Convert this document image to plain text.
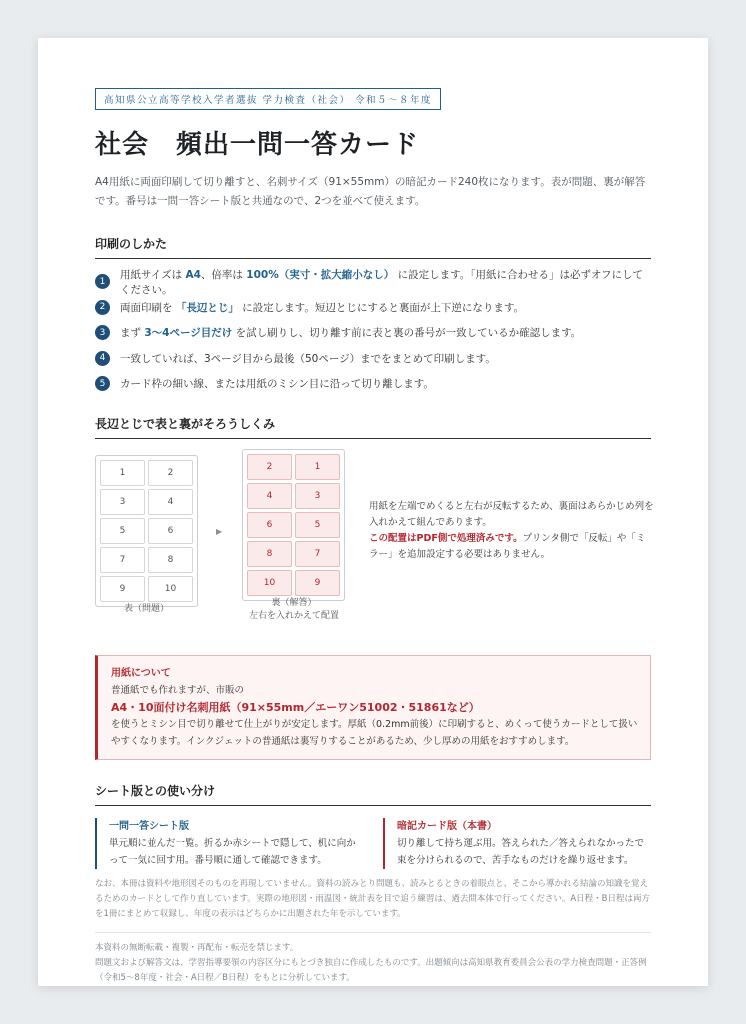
高知県公立高等学校入学者選抜 学力検査（社会） 令和５～８年度
社会　頻出一問一答カード
A4用紙に両面印刷して切り離すと、名刺サイズ（91×55mm）の暗記カード240枚になります。表が問題、裏が解答です。番号は一問一答シート版と共通なので、2つを並べて使えます。
印刷のしかた
1
用紙サイズは A4、倍率は 100%（実寸・拡大縮小なし） に設定します。「用紙に合わせる」は必ずオフにしてください。
2	両面印刷を 「長辺とじ」 に設定します。短辺とじにすると裏面が上下逆になります。
3	まず 3〜4ページ目だけ を試し刷りし、切り離す前に表と裏の番号が一致しているか確認します。
4	一致していれば、3ページ目から最後（50ページ）までをまとめて印刷します。
5	カード枠の細い線、または用紙のミシン目に沿って切り離します。
長辺とじで表と裏がそろうしくみ
1	2
3	4
5	6
7	8
9	10
表（問題）
▶
2	1
4	3
6	5
8	7
10	9
裏（解答）
左右を入れかえて配置
用紙を左端でめくると左右が反転するため、裏面はあらかじめ列を入れかえて組んであります。
この配置はPDF側で処理済みです。プリンタ側で「反転」や「ミラー」を追加設定する必要はありません。
用紙について
普通紙でも作れますが、市販の
A4・10面付け名刺用紙（91×55mm／エーワン51002・51861など）
を使うとミシン目で切り離せて仕上がりが安定します。厚紙（0.2mm前後）に印刷すると、めくって使うカードとして扱いやすくなります。インクジェットの普通紙は裏写りすることがあるため、少し厚めの用紙をおすすめします。
シート版との使い分け
一問一答シート版
単元順に並んだ一覧。折るか赤シートで隠して、机に向かって一気に回す用。番号順に通して確認できます。
暗記カード版（本書）
切り離して持ち運ぶ用。答えられた／答えられなかったで束を分けられるので、苦手なものだけを繰り返せます。
なお、本冊は資料や地形図そのものを再現していません。資料の読みとり問題も、読みとるときの着眼点と、そこから導かれる結論の知識を覚えるためのカードとして作り直しています。実際の地形図・雨温図・統計表を目で追う練習は、過去問本体で行ってください。A日程・B日程は両方を1冊にまとめて収録し、年度の表示はどちらかに出題された年を示しています。
本資料の無断転載・複製・再配布・転売を禁じます。
問題文および解答文は、学習指導要領の内容区分にもとづき独自に作成したものです。出題傾向は高知県教育委員会公表の学力検査問題・正答例（令和5〜8年度・社会・A日程／B日程）をもとに分析しています。
